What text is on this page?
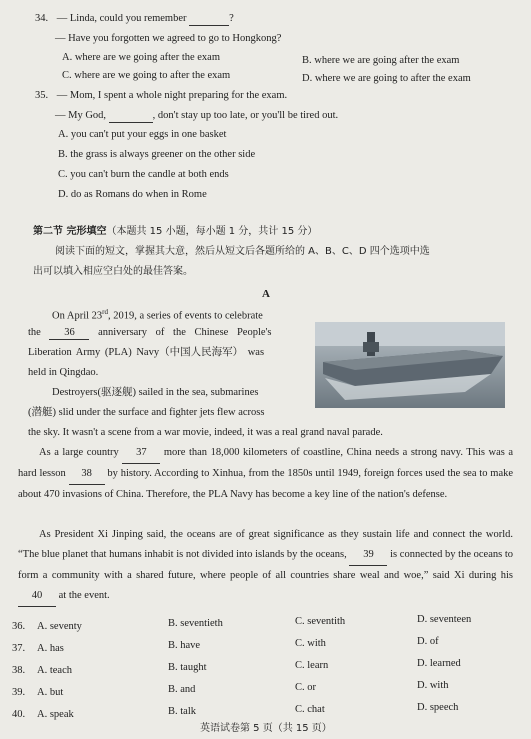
34. — Linda, could you remember	?
— Have you forgotten we agreed to go to Hongkong?
A. where are we going after the exam	B. where we are going after the exam
C. where are we going to after the exam	D. where we are going to after the exam
35. — Mom, I spent a whole night preparing for the exam.
— My God,	, don't stay up too late, or you'll be tired out.
A. you can't put your eggs in one basket
B. the grass is always greener on the other side
C. you can't burn the candle at both ends
D. do as Romans do when in Rome
第二节 完形填空（本题共 15 小题，每小题 1 分，共计 15 分）
阅读下面的短文，掌握其大意，然后从短文后各题所给的 A、B、C、D 四个选项中选
出可以填入相应空白处的最佳答案。
A
On April 23rd, 2019, a series of events to celebrate
the 36 anniversary of the Chinese People's
Liberation Army (PLA) Navy（中国人民海军） was
held in Qingdao.
Destroyers(驱逐舰) sailed in the sea, submarines
(潜艇) slid under the surface and fighter jets flew across
the sky. It wasn't a scene from a war movie, indeed, it was a real grand naval parade.
As a large country 37 more than 18,000 kilometers of coastline, China needs a strong navy. This was a hard lesson 38 by history. According to Xinhua, from the 1850s until 1949, foreign forces used the sea to make about 470 invasions of China. Therefore, the PLA Navy has become a key line of the nation's defense.
As President Xi Jinping said, the oceans are of great significance as they sustain life and connect the world. “The blue planet that humans inhabit is not divided into islands by the oceans, 39 is connected by the oceans to form a community with a shared future, where people of all countries share weal and woe,” said Xi during his 40 at the event.
36. A. seventy	B. seventieth	C. seventith	D. seventeen
37. A. has	B. have	C. with	D. of
38. A. teach	B. taught	C. learn	D. learned
39. A. but	B. and	C. or	D. with
40. A. speak	B. talk	C. chat	D. speech
英语试卷第 5 页（共 15 页）
